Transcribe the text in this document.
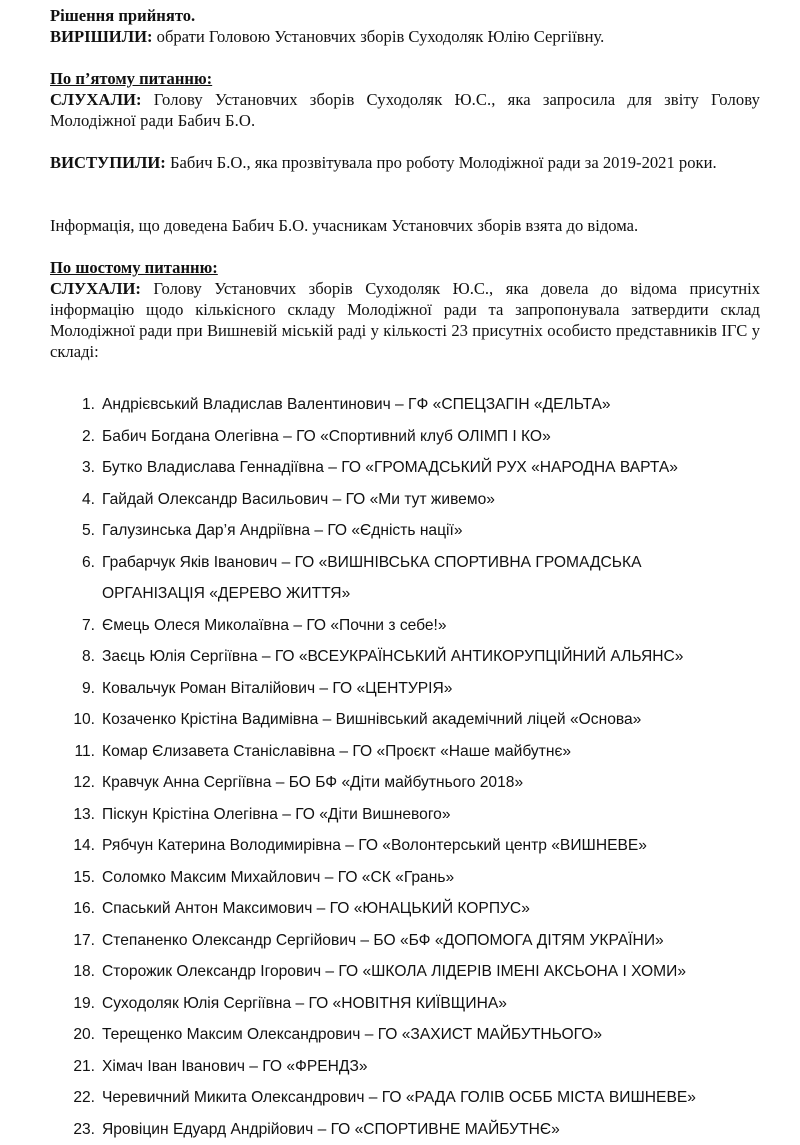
Рішення прийнято.

ВИРІШИЛИ: обрати Головою Установчих зборів Суходоляк Юлію Сергіївну.

По п’ятому питанню:

СЛУХАЛИ: Голову Установчих зборів Суходоляк Ю.С., яка запросила для звіту Голову Молодіжної ради Бабич Б.О.

ВИСТУПИЛИ: Бабич Б.О., яка прозвітувала про роботу Молодіжної ради за 2019-2021 роки.

Інформація, що доведена Бабич Б.О. учасникам Установчих зборів взята до відома.

По шостому питанню:

СЛУХАЛИ: Голову Установчих зборів Суходоляк Ю.С., яка довела до відома присутніх інформацію щодо кількісного складу Молодіжної ради та запропонувала затвердити склад Молодіжної ради при Вишневій міській раді у кількості 23 присутніх особисто представників ІГС у складі:

1. Андрієвський Владислав Валентинович – ГФ «СПЕЦЗАГІН «ДЕЛЬТА»
2. Бабич Богдана Олегівна – ГО «Спортивний клуб ОЛІМП І КО»
3. Бутко Владислава Геннадіївна – ГО «ГРОМАДСЬКИЙ РУХ «НАРОДНА ВАРТА»
4. Гайдай Олександр Васильович – ГО «Ми тут живемо»
5. Галузинська Дар’я Андріївна – ГО «Єдність нації»
6. Грабарчук Яків Іванович – ГО «ВИШНІВСЬКА СПОРТИВНА ГРОМАДСЬКА
ОРГАНІЗАЦІЯ «ДЕРЕВО ЖИТТЯ»
7. Ємець Олеся Миколаївна – ГО «Почни з себе!»
8. Заєць Юлія Сергіївна – ГО «ВСЕУКРАЇНСЬКИЙ АНТИКОРУПЦІЙНИЙ АЛЬЯНС»
9. Ковальчук Роман Віталійович – ГО «ЦЕНТУРІЯ»
10. Козаченко Крістіна Вадимівна – Вишнівський академічний ліцей «Основа»
11. Комар Єлизавета Станіславівна – ГО «Проєкт «Наше майбутнє»
12. Кравчук Анна Сергіївна – БО БФ «Діти майбутнього 2018»
13. Піскун Крістіна Олегівна – ГО «Діти Вишневого»
14. Рябчун Катерина Володимирівна – ГО «Волонтерський центр «ВИШНЕВЕ»
15. Соломко Максим Михайлович – ГО «СК «Грань»
16. Спаський Антон Максимович – ГО «ЮНАЦЬКИЙ КОРПУС»
17. Степаненко Олександр Сергійович – БО «БФ «ДОПОМОГА ДІТЯМ УКРАЇНИ»
18. Сторожик Олександр Ігорович – ГО «ШКОЛА ЛІДЕРІВ ІМЕНІ АКСЬОНА І ХОМИ»
19. Суходоляк Юлія Сергіївна – ГО «НОВІТНЯ КИЇВЩИНА»
20. Терещенко Максим Олександрович – ГО «ЗАХИСТ МАЙБУТНЬОГО»
21. Хімач Іван Іванович – ГО «ФРЕНДЗ»
22. Черевичний Микита Олександрович – ГО «РАДА ГОЛІВ ОСББ МІСТА ВИШНЕВЕ»
23. Яровіцин Едуард Андрійович – ГО «СПОРТИВНЕ МАЙБУТНЄ»
